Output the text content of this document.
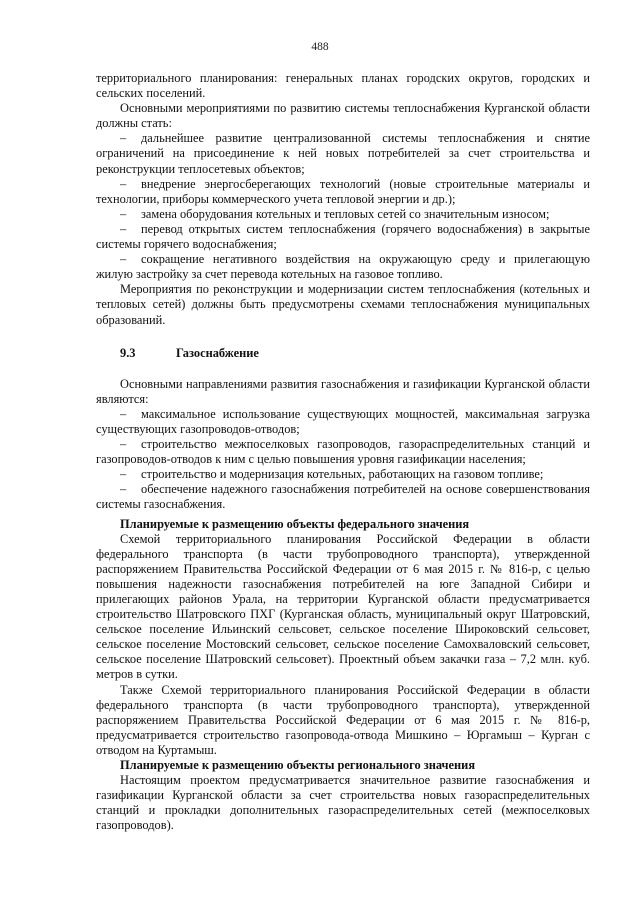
488

территориального планирования: генеральных планах городских округов, городских и сельских поселений.

Основными мероприятиями по развитию системы теплоснабжения Курганской области должны стать:

– дальнейшее развитие централизованной системы теплоснабжения и снятие ограничений на присоединение к ней новых потребителей за счет строительства и реконструкции теплосетевых объектов;

– внедрение энергосберегающих технологий (новые строительные материалы и технологии, приборы коммерческого учета тепловой энергии и др.);

– замена оборудования котельных и тепловых сетей со значительным износом;

– перевод открытых систем теплоснабжения (горячего водоснабжения) в закрытые системы горячего водоснабжения;

– сокращение негативного воздействия на окружающую среду и прилегающую жилую застройку за счет перевода котельных на газовое топливо.

Мероприятия по реконструкции и модернизации систем теплоснабжения (котельных и тепловых сетей) должны быть предусмотрены схемами теплоснабжения муниципальных образований.

9.3	Газоснабжение

Основными направлениями развития газоснабжения и газификации Курганской области являются:

– максимальное использование существующих мощностей, максимальная загрузка существующих газопроводов-отводов;

– строительство межпоселковых газопроводов, газораспределительных станций и газопроводов-отводов к ним с целью повышения уровня газификации населения;

– строительство и модернизация котельных, работающих на газовом топливе;

– обеспечение надежного газоснабжения потребителей на основе совершенствования системы газоснабжения.

Планируемые к размещению объекты федерального значения

Схемой территориального планирования Российской Федерации в области федерального транспорта (в части трубопроводного транспорта), утвержденной распоряжением Правительства Российской Федерации от 6 мая 2015 г. № 816-р, с целью повышения надежности газоснабжения потребителей на юге Западной Сибири и прилегающих районов Урала, на территории Курганской области предусматривается строительство Шатровского ПХГ (Курганская область, муниципальный округ Шатровский, сельское поселение Ильинский сельсовет, сельское поселение Широковский сельсовет, сельское поселение Мостовский сельсовет, сельское поселение Самохваловский сельсовет, сельское поселение Шатровский сельсовет). Проектный объем закачки газа – 7,2 млн. куб. метров в сутки.

Также Схемой территориального планирования Российской Федерации в области федерального транспорта (в части трубопроводного транспорта), утвержденной распоряжением Правительства Российской Федерации от 6 мая 2015 г. № 816-р, предусматривается строительство газопровода-отвода Мишкино – Юргамыш – Курган с отводом на Куртамыш.

Планируемые к размещению объекты регионального значения

Настоящим проектом предусматривается значительное развитие газоснабжения и газификации Курганской области за счет строительства новых газораспределительных станций и прокладки дополнительных газораспределительных сетей (межпоселковых газопроводов).
